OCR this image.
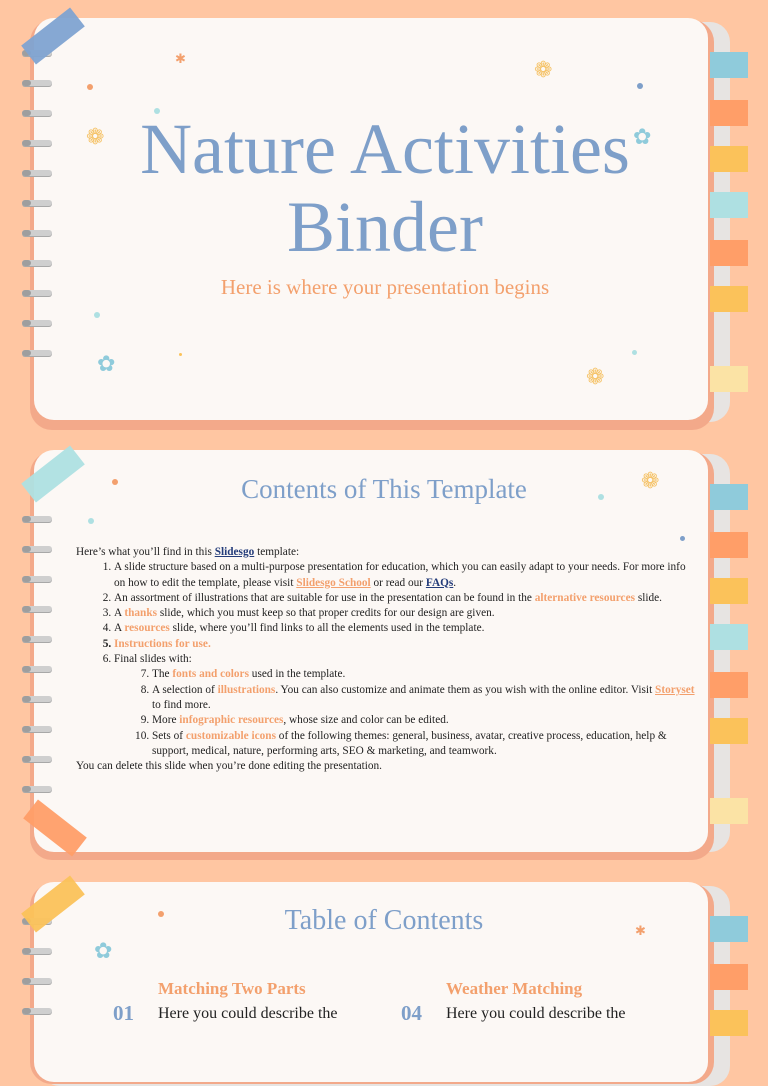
✱	❁
❁	✿
✿
❁
Nature Activities
Binder
Here is where your presentation begins
❁
Contents of This Template
Here’s what you’ll find in this Slidesgo template:
1. A slide structure based on a multi-purpose presentation for education, which you can easily adapt to your needs. For more info on how to edit the template, please visit Slidesgo School or read our FAQs.
2. An assortment of illustrations that are suitable for use in the presentation can be found in the alternative resources slide.
3. A thanks slide, which you must keep so that proper credits for our design are given.
4. A resources slide, where you’ll find links to all the elements used in the template.
5. Instructions for use.
6. Final slides with:
7. The fonts and colors used in the template.
8. A selection of illustrations. You can also customize and animate them as you wish with the online editor. Visit Storyset to find more.
9. More infographic resources, whose size and color can be edited.
10. Sets of customizable icons of the following themes: general, business, avatar, creative process, education, help & support, medical, nature, performing arts, SEO & marketing, and teamwork.
You can delete this slide when you’re done editing the presentation.
✿
✱
Table of Contents
Matching Two Parts
01 Here you could describe the
Weather Matching
04 Here you could describe the
